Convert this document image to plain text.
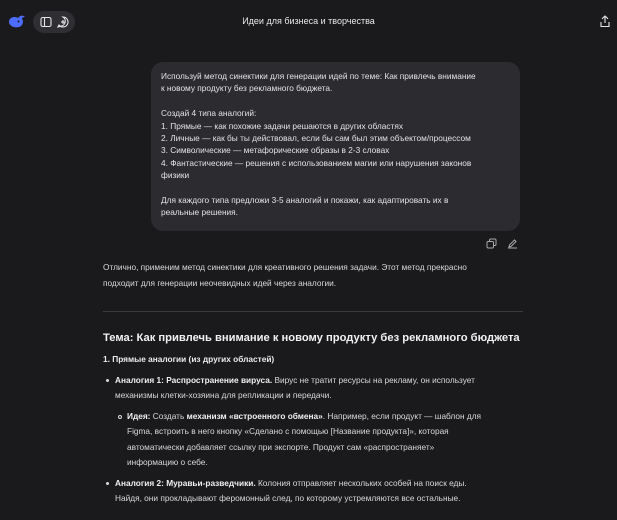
Идеи для бизнеса и творчества

Используй метод синектики для генерации идей по теме: Как привлечь внимание

к новому продукту без рекламного бюджета.

Создай 4 типа аналогий:

1. Прямые — как похожие задачи решаются в других областях

2. Личные — как бы ты действовал, если бы сам был этим объектом/процессом

3. Символические — метафорические образы в 2-3 словах

4. Фантастические — решения с использованием магии или нарушения законов

физики

Для каждого типа предложи 3-5 аналогий и покажи, как адаптировать их в

реальные решения.

Отлично, применим метод синектики для креативного решения задачи. Этот метод прекрасно
подходит для генерации неочевидных идей через аналогии.

Тема: Как привлечь внимание к новому продукту без рекламного бюджета
1. Прямые аналогии (из других областей)
Аналогия 1: Распространение вируса. Вирус не тратит ресурсы на рекламу, он использует
механизмы клетки-хозяина для репликации и передачи.
Идея: Создать механизм «встроенного обмена». Например, если продукт — шаблон для
Figma, встроить в него кнопку «Сделано с помощью [Название продукта]», которая
автоматически добавляет ссылку при экспорте. Продукт сам «распространяет»
информацию о себе.
Аналогия 2: Муравьи-разведчики. Колония отправляет нескольких особей на поиск еды.
Найдя, они прокладывают феромонный след, по которому устремляются все остальные.
